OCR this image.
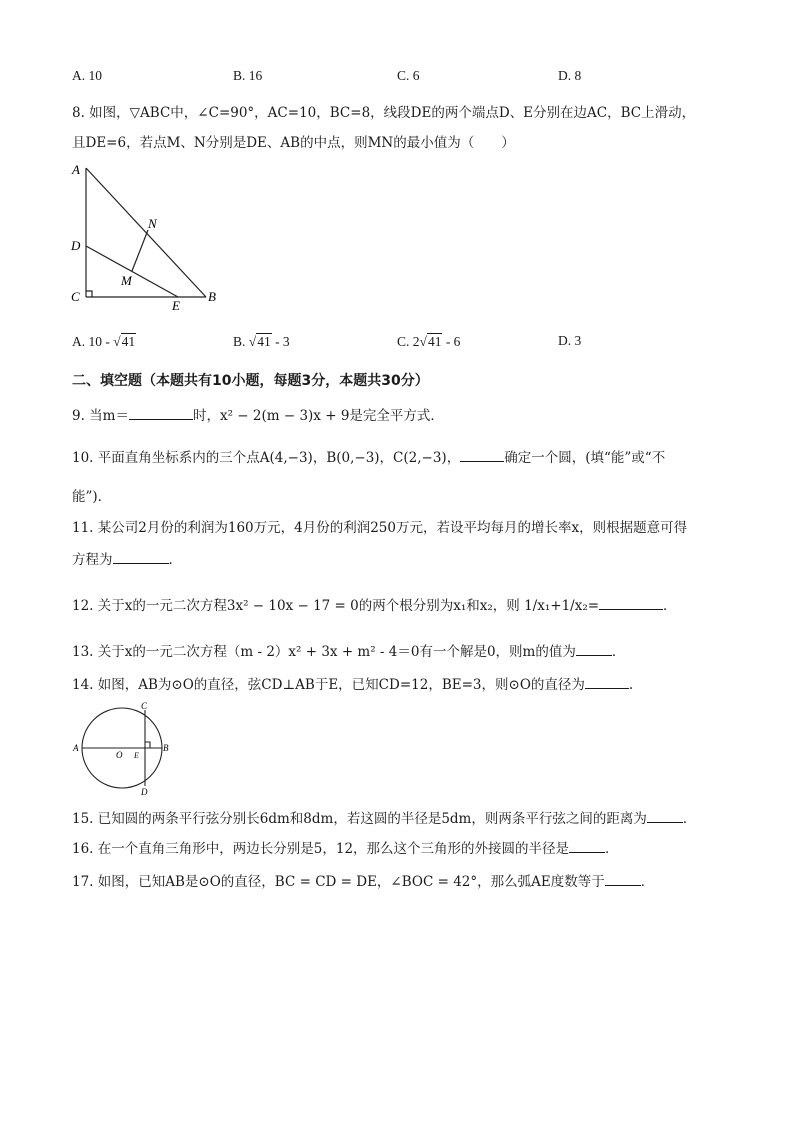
A. 10	B. 16	C. 6	D. 8
8. 如图，▽ABC中，∠C=90°，AC=10，BC=8，线段DE的两个端点D、E分别在边AC，BC上滑动，
且DE=6，若点M、N分别是DE、AB的中点，则MN的最小值为（　　）
A
B
C
D
E
M
N
A. 10 - √41	B. √41 - 3	C. 2√41 - 6	D. 3
二、填空题（本题共有10小题，每题3分，本题共30分）
9. 当m＝	时，x² − 2(m − 3)x + 9是完全平方式．
10. 平面直角坐标系内的三个点A(4,−3)，B(0,−3)，C(2,−3)，	确定一个圆，(填“能”或“不
能”)．
11. 某公司2月份的利润为160万元，4月份的利润250万元，若设平均每月的增长率x，则根据题意可得
方程为	．
12. 关于x的一元二次方程3x² − 10x − 17 = 0的两个根分别为x₁和x₂，则 1/x₁+1/x₂=	．
13. 关于x的一元二次方程（m - 2）x² + 3x + m² - 4＝0有一个解是0，则m的值为	．
14. 如图，AB为⊙O的直径，弦CD⊥AB于E，已知CD=12，BE=3，则⊙O的直径为	.
A	B
C
D
O E
15. 已知圆的两条平行弦分别长6dm和8dm，若这圆的半径是5dm，则两条平行弦之间的距离为	．
16. 在一个直角三角形中，两边长分别是5，12，那么这个三角形的外接圆的半径是	．
17. 如图，已知AB是⊙O的直径，BC = CD = DE，∠BOC = 42°，那么弧AE度数等于	．
